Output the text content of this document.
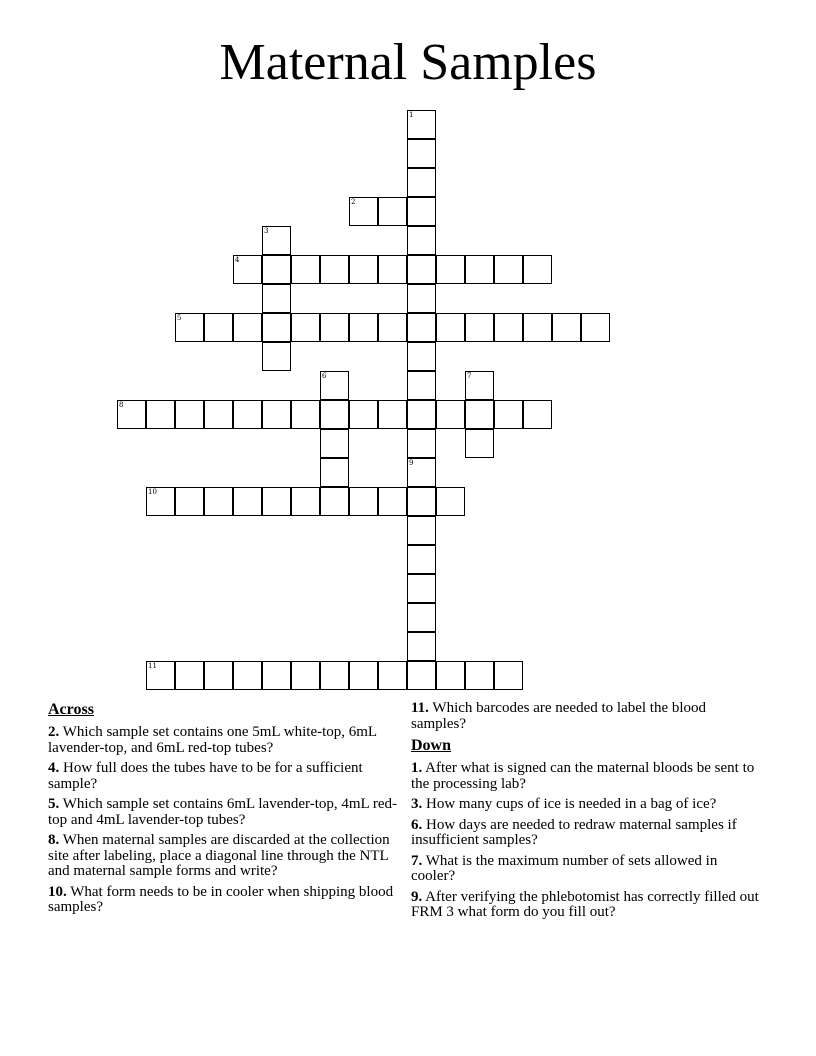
Maternal Samples
1
9
2
3
4
5
6	7
8
10
11
Across
2. Which sample set contains one 5mL white-top, 6mL lavender-top, and 6mL red-top tubes?
4. How full does the tubes have to be for a sufficient sample?
5. Which sample set contains 6mL lavender-top, 4mL red-top and 4mL lavender-top tubes?
8. When maternal samples are discarded at the collection site after labeling, place a diagonal line through the NTL and maternal sample forms and write?
10. What form needs to be in cooler when shipping blood samples?
11. Which barcodes are needed to label the blood samples?
Down
1. After what is signed can the maternal bloods be sent to the processing lab?
3. How many cups of ice is needed in a bag of ice?
6. How days are needed to redraw maternal samples if insufficient samples?
7. What is the maximum number of sets allowed in cooler?
9. After verifying the phlebotomist has correctly filled out FRM 3 what form do you fill out?
